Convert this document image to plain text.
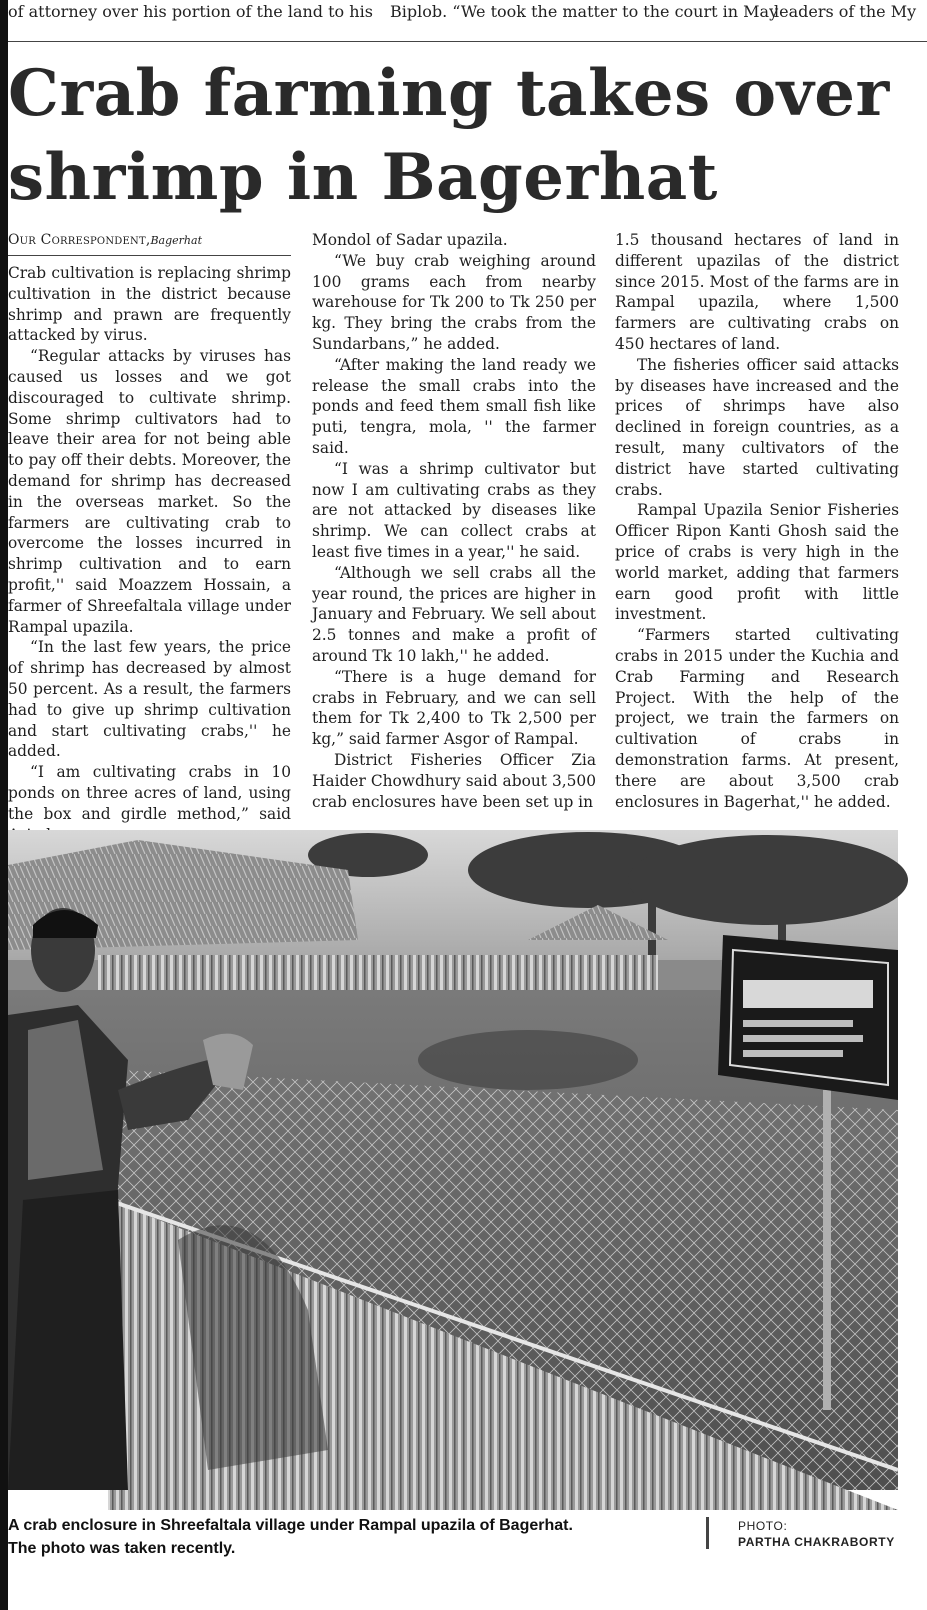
of attorney over his portion of the land to his	Biplob. “We took the matter to the court in May
leaders of the My
Crab farming takes over
shrimp in Bagerhat
Our Correspondent,Bagerhat

Crab cultivation is replacing shrimp cultivation in the district because shrimp and prawn are frequently attacked by virus.

“Regular attacks by viruses has caused us losses and we got discouraged to cultivate shrimp. Some shrimp cultivators had to leave their area for not being able to pay off their debts. Moreover, the demand for shrimp has decreased in the overseas market. So the farmers are cultivating crab to overcome the losses incurred in shrimp cultivation and to earn profit,'' said Moazzem Hossain, a farmer of Shreefaltala village under Rampal upazila.

“In the last few years, the price of shrimp has decreased by almost 50 percent. As a result, the farmers had to give up shrimp cultivation and start cultivating crabs,'' he added.

“I am cultivating crabs in 10 ponds on three acres of land, using the box and girdle method,” said

Mondol of Sadar upazila.

“We buy crab weighing around 100 grams each from nearby warehouse for Tk 200 to Tk 250 per kg. They bring the crabs from the Sundarbans,” he added.

“After making the land ready we release the small crabs into the ponds and feed them small fish like puti, tengra, mola, '' the farmer said.

“I was a shrimp cultivator but now I am cultivating crabs as they are not attacked by diseases like shrimp. We can collect crabs at least five times in a year,'' he said.

“Although we sell crabs all the year round, the prices are higher in January and February. We sell about 2.5 tonnes and make a profit of around Tk 10 lakh,'' he added.

“There is a huge demand for crabs in February, and we can sell them for Tk 2,400 to Tk 2,500 per kg,” said farmer Asgor of Rampal.

District Fisheries Officer Zia Haider Chowdhury said about 3,500 crab enclosures have been set up in

1.5 thousand hectares of land in different upazilas of the district since 2015. Most of the farms are in Rampal upazila, where 1,500 farmers are cultivating crabs on 450 hectares of land.

The fisheries officer said attacks by diseases have increased and the prices of shrimps have also declined in foreign countries, as a result, many cultivators of the district have started cultivating crabs.

Rampal Upazila Senior Fisheries Officer Ripon Kanti Ghosh said the price of crabs is very high in the world market, adding that farmers earn good profit with little investment.

“Farmers started cultivating crabs in 2015 under the Kuchia and Crab Farming and Research Project. With the help of the project, we train the farmers on cultivation of crabs in demonstration farms. At present, there are about 3,500 crab enclosures in Bagerhat,'' he added.

A crab enclosure in Shreefaltala village under Rampal upazila of Bagerhat.
The photo was taken recently.
PHOTO:
PARTHA CHAKRABORTY
